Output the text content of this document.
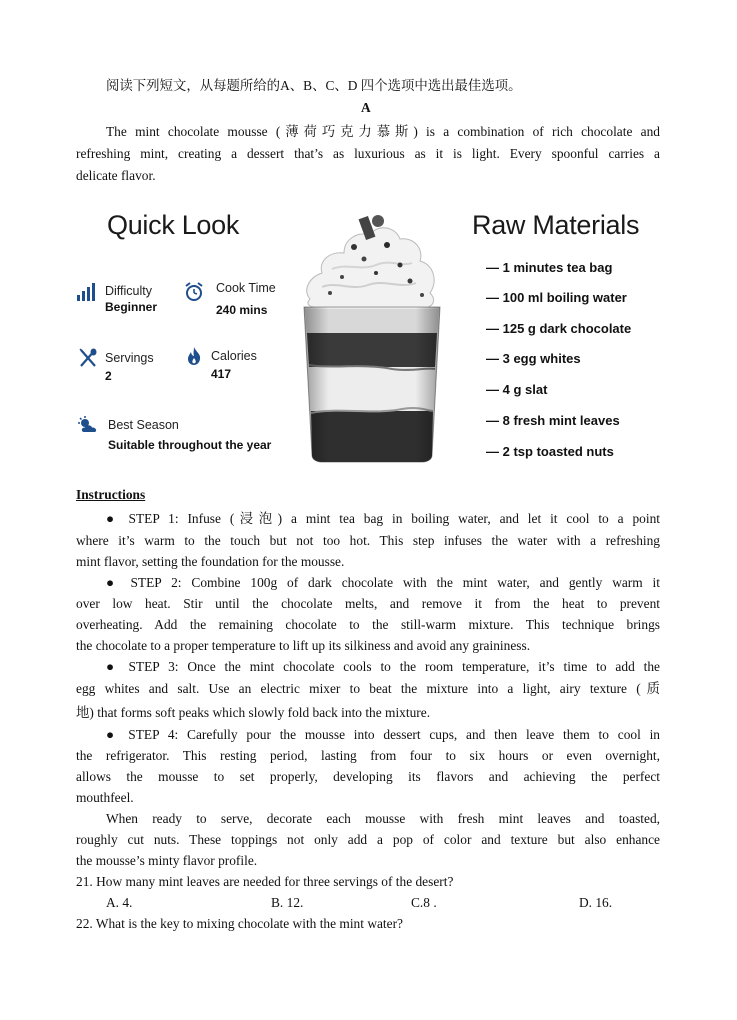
阅读下列短文，从每题所给的A、B、C、D 四个选项中选出最佳选项。
A
The mint chocolate mousse (薄荷巧克力慕斯) is a combination of rich chocolate and
refreshing mint, creating a dessert that’s as luxurious as it is light. Every spoonful carries a
delicate flavor.
Quick Look
Difficulty
Beginner
Cook Time
240 mins
Servings
2
Calories
417
Best Season
Suitable throughout the year
Raw Materials
— 1 minutes tea bag
— 100 ml boiling water
— 125 g dark chocolate
— 3 egg whites
— 4 g slat
— 8 fresh mint leaves
— 2 tsp toasted nuts
Instructions
● STEP 1: Infuse (浸泡) a mint tea bag in boiling water, and let it cool to a point
where it’s warm to the touch but not too hot. This step infuses the water with a refreshing
mint flavor, setting the foundation for the mousse.
● STEP 2: Combine 100g of dark chocolate with the mint water, and gently warm it
over low heat. Stir until the chocolate melts, and remove it from the heat to prevent
overheating. Add the remaining chocolate to the still-warm mixture. This technique brings
the chocolate to a proper temperature to lift up its silkiness and avoid any graininess.
● STEP 3: Once the mint chocolate cools to the room temperature, it’s time to add the
egg whites and salt. Use an electric mixer to beat the mixture into a light, airy texture (质
地) that forms soft peaks which slowly fold back into the mixture.
● STEP 4: Carefully pour the mousse into dessert cups, and then leave them to cool in
the refrigerator. This resting period, lasting from four to six hours or even overnight,
allows the mousse to set properly, developing its flavors and achieving the perfect
mouthfeel.
When ready to serve, decorate each mousse with fresh mint leaves and toasted,
roughly cut nuts. These toppings not only add a pop of color and texture but also enhance
the mousse’s minty flavor profile.
21. How many mint leaves are needed for three servings of the desert?
A. 4.	B. 12.	C.8 .	D. 16.
22. What is the key to mixing chocolate with the mint water?
